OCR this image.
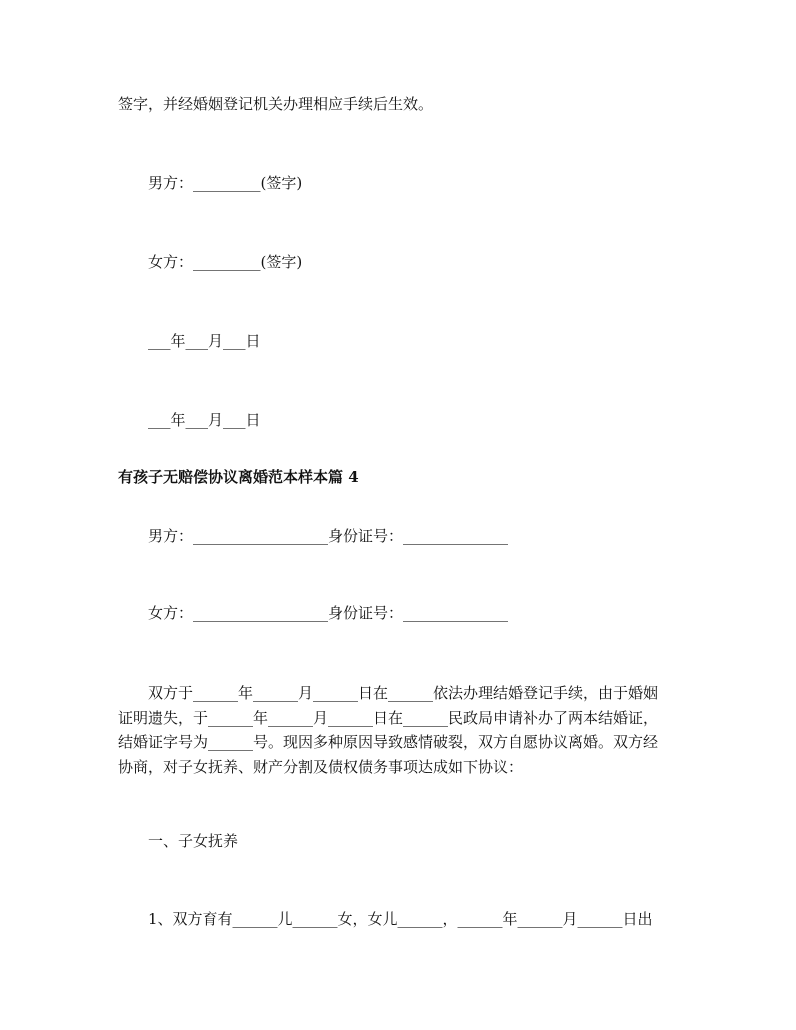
签字，并经婚姻登记机关办理相应手续后生效。
男方：_________(签字)
女方：_________(签字)
___年___月___日
___年___月___日
有孩子无赔偿协议离婚范本样本篇 4
男方：__________________身份证号：______________
女方：__________________身份证号：______________
双方于______年______月______日在______依法办理结婚登记手续，由于婚姻
证明遗失，于______年______月______日在______民政局申请补办了两本结婚证，
结婚证字号为______号。现因多种原因导致感情破裂，双方自愿协议离婚。双方经
协商，对子女抚养、财产分割及债权债务事项达成如下协议：
一、子女抚养
1、双方育有______儿______女，女儿______，______年______月______日出
